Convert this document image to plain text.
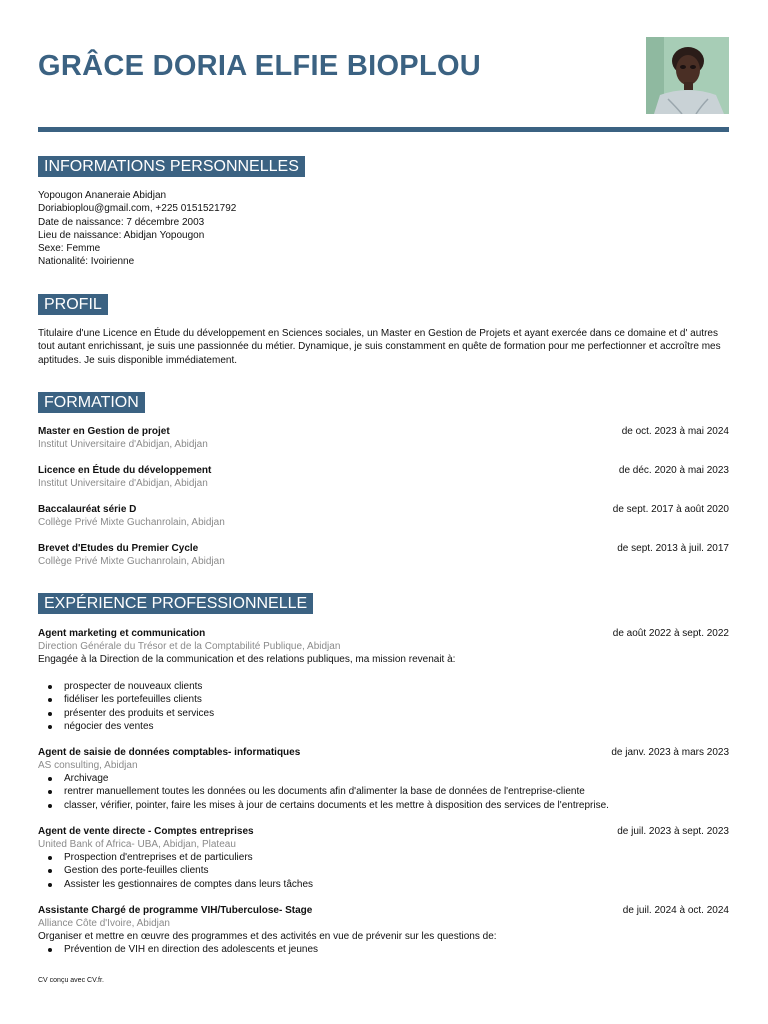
GRÂCE DORIA ELFIE BIOPLOU
INFORMATIONS PERSONNELLES
Yopougon Ananeraie Abidjan
Doriabioplou@gmail.com, +225 0151521792
Date de naissance: 7 décembre 2003
Lieu de naissance: Abidjan Yopougon
Sexe: Femme
Nationalité: Ivoirienne
PROFIL
Titulaire d'une Licence en Étude du développement en Sciences sociales, un Master en Gestion de Projets et ayant exercée dans ce domaine et d' autres tout autant enrichissant, je suis une passionnée du métier. Dynamique, je suis constamment en quête de formation pour me perfectionner et accroître mes aptitudes. Je suis disponible immédiatement.
FORMATION
Master en Gestion de projet	de oct. 2023 à mai 2024
Institut Universitaire d'Abidjan, Abidjan
Licence en Étude du développement	de déc. 2020 à mai 2023
Institut Universitaire d'Abidjan, Abidjan
Baccalauréat série D	de sept. 2017 à août 2020
Collège Privé Mixte Guchanrolain, Abidjan
Brevet d'Etudes du Premier Cycle	de sept. 2013 à juil. 2017
Collège Privé Mixte Guchanrolain, Abidjan
EXPÉRIENCE PROFESSIONNELLE
Agent marketing et communication	de août 2022 à sept. 2022
Direction Générale du Trésor et de la Comptabilité Publique, Abidjan
Engagée à la Direction de la communication et des relations publiques, ma mission revenait à:
prospecter de nouveaux clients
fidéliser les portefeuilles clients
présenter des produits et services
négocier des ventes
Agent de saisie de données comptables- informatiques	de janv. 2023 à mars 2023
AS consulting, Abidjan
Archivage
rentrer manuellement toutes les données ou les documents afin d'alimenter la base de données de l'entreprise-cliente
classer, vérifier, pointer, faire les mises à jour de certains documents et les mettre à disposition des services de l'entreprise.
Agent de vente directe - Comptes entreprises	de juil. 2023 à sept. 2023
United Bank of Africa- UBA, Abidjan, Plateau
Prospection d'entreprises et de particuliers
Gestion des porte-feuilles clients
Assister les gestionnaires de comptes dans leurs tâches
Assistante Chargé de programme VIH/Tuberculose- Stage	de juil. 2024 à oct. 2024
Alliance Côte d'Ivoire, Abidjan
Organiser et mettre en œuvre des programmes et des activités en vue de prévenir sur les questions de:
Prévention de VIH en direction des adolescents et jeunes
CV conçu avec CV.fr.
